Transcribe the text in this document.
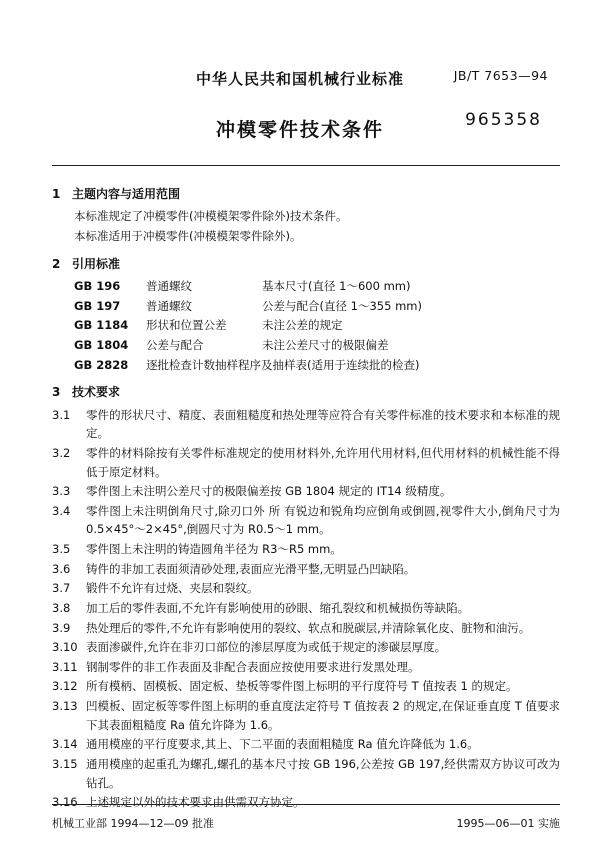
中华人民共和国机械行业标准	JB/T 7653—94
冲模零件技术条件	965358
1 主题内容与适用范围

本标准规定了冲模零件(冲模模架零件除外)技术条件。

本标准适用于冲模零件(冲模模架零件除外)。

2 引用标准
GB 196	普通螺纹	基本尺寸(直径 1～600 mm)
GB 197	普通螺纹	公差与配合(直径 1～355 mm)
GB 1184	形状和位置公差	未注公差的规定
GB 1804	公差与配合	未注公差尺寸的极限偏差
GB 2828	逐批检查计数抽样程序及抽样表(适用于连续批的检查)
3 技术要求
3.1	零件的形状尺寸、精度、表面粗糙度和热处理等应符合有关零件标准的技术要求和本标准的规定。
3.2	零件的材料除按有关零件标准规定的使用材料外,允许用代用材料,但代用材料的机械性能不得低于原定材料。
3.3	零件图上未注明公差尺寸的极限偏差按 GB 1804 规定的 IT14 级精度。
3.4	零件图上未注明倒角尺寸,除刃口外 所 有锐边和锐角均应倒角或倒圆,视零件大小,倒角尺寸为 0.5×45°～2×45°,倒圆尺寸为 R0.5～1 mm。
3.5	零件图上未注明的铸造圆角半径为 R3～R5 mm。
3.6	铸件的非加工表面须清砂处理,表面应光滑平整,无明显凸凹缺陷。
3.7	锻件不允许有过烧、夹层和裂纹。
3.8	加工后的零件表面,不允许有影响使用的砂眼、缩孔裂纹和机械损伤等缺陷。
3.9	热处理后的零件,不允许有影响使用的裂纹、软点和脱碳层,并清除氧化皮、脏物和油污。
3.10 表面渗碳件,允许在非刃口部位的渗层厚度为或低于规定的渗碳层厚度。
3.11 钢制零件的非工作表面及非配合表面应按使用要求进行发黑处理。
3.12 所有模柄、固模板、固定板、垫板等零件图上标明的平行度符号 T 值按表 1 的规定。
3.13 凹模板、固定板等零件图上标明的垂直度法定符号 T 值按表 2 的规定,在保证垂直度 T 值要求下其表面粗糙度 Ra 值允许降为 1.6。
3.14 通用模座的平行度要求,其上、下二平面的表面粗糙度 Ra 值允许降低为 1.6。
3.15 通用模座的起重孔为螺孔,螺孔的基本尺寸按 GB 196,公差按 GB 197,经供需双方协议可改为钻孔。
3.16 上述规定以外的技术要求由供需双方协定。
机械工业部 1994—12—09 批准	1995—06—01 实施
